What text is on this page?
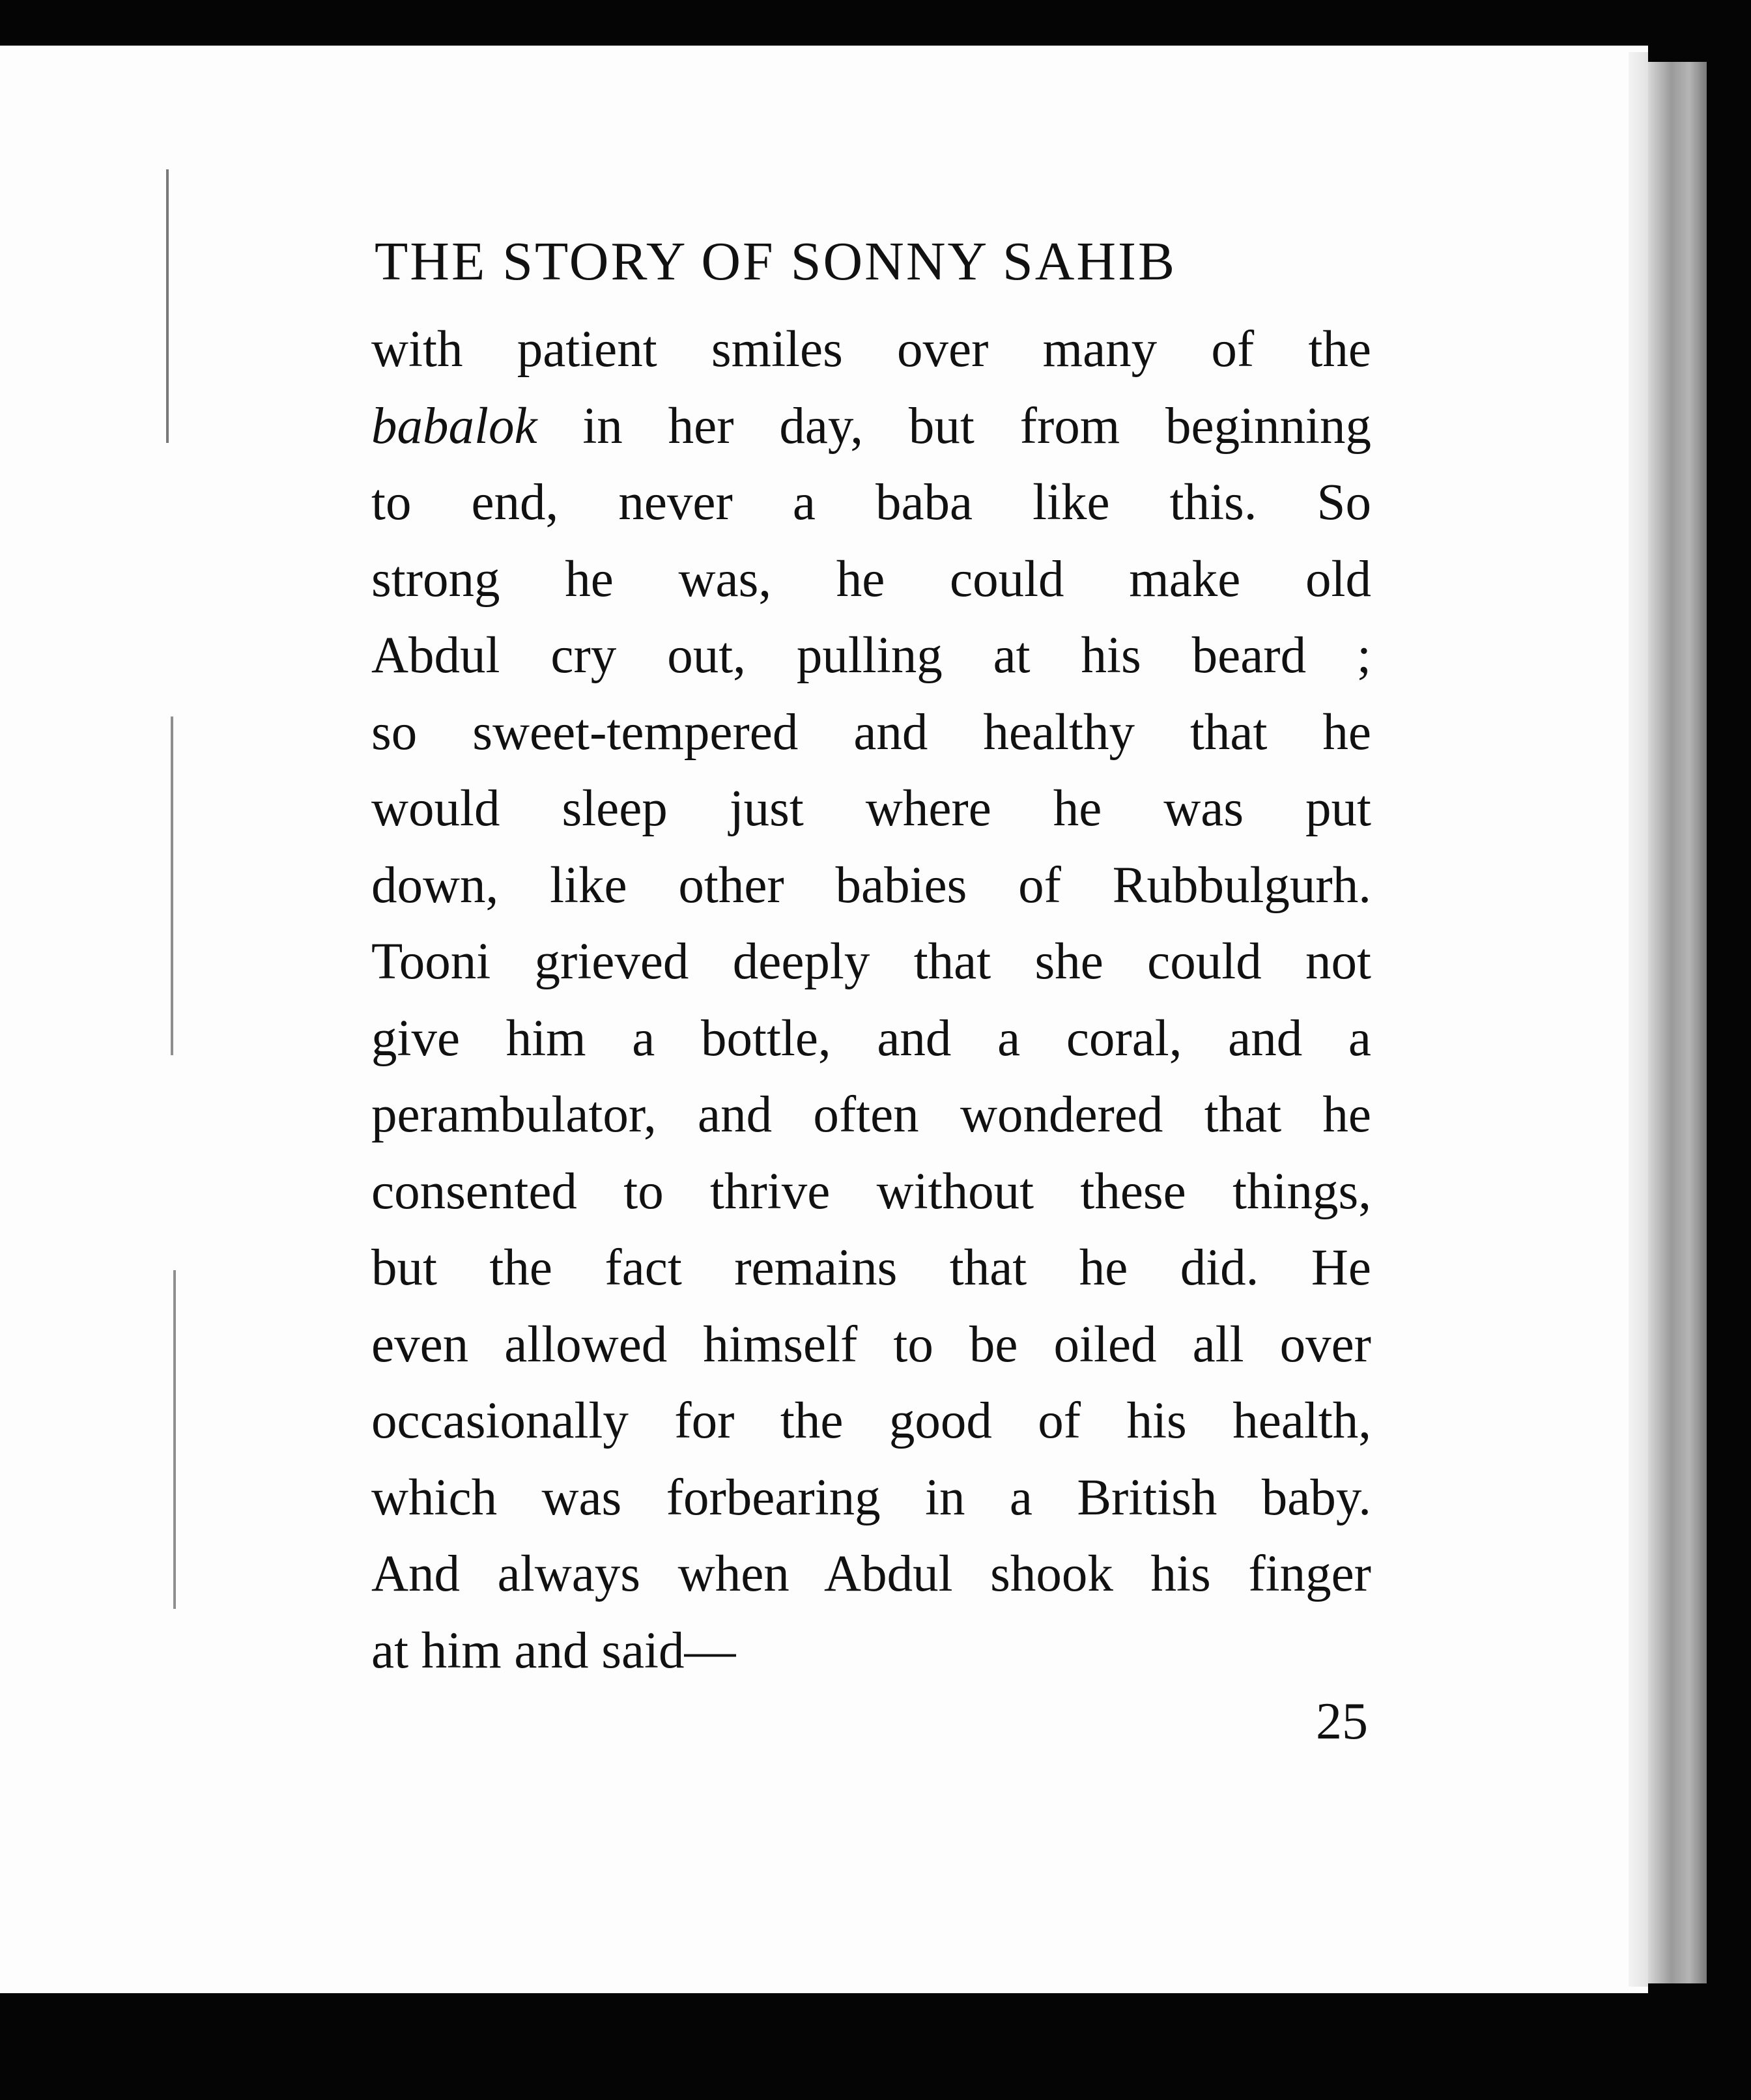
THE STORY OF SONNY SAHIB
with patient smiles over many of the
babalok in her day, but from beginning
to end, never a baba like this. So
strong he was, he could make old
Abdul cry out, pulling at his beard ;
so sweet-tempered and healthy that he
would sleep just where he was put
down, like other babies of Rubbulgurh.
Tooni grieved deeply that she could not
give him a bottle, and a coral, and a
perambulator, and often wondered that he
consented to thrive without these things,
but the fact remains that he did. He
even allowed himself to be oiled all over
occasionally for the good of his health,
which was forbearing in a British baby.
And always when Abdul shook his finger
at him and said—
25
